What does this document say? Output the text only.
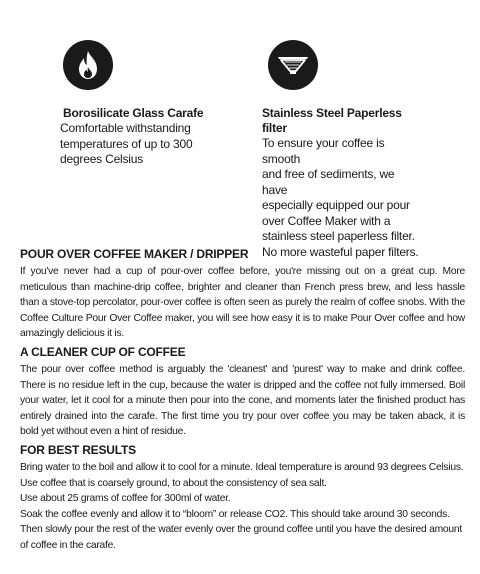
Borosilicate Glass Carafe

Comfortable withstanding

temperatures of up to 300

degrees Celsius

Stainless Steel Paperless
filter

To ensure your coffee is smooth

and free of sediments, we have

especially equipped our pour

over Coffee Maker with a

stainless steel paperless filter.

No more wasteful paper filters.

POUR OVER COFFEE MAKER / DRIPPER

If you've never had a cup of pour-over coffee before, you're missing out on a great cup. More meticulous than machine-drip coffee, brighter and cleaner than French press brew, and less hassle than a stove-top percolator, pour-over coffee is often seen as purely the realm of coffee snobs. With the Coffee Culture Pour Over Coffee maker, you will see how easy it is to make Pour Over coffee and how amazingly delicious it is.

A CLEANER CUP OF COFFEE

The pour over coffee method is arguably the 'cleanest' and 'purest' way to make and drink coffee. There is no residue left in the cup, because the water is dripped and the coffee not fully immersed. Boil your water, let it cool for a minute then pour into the cone, and moments later the finished product has entirely drained into the carafe. The first time you try pour over coffee you may be taken aback, it is bold yet without even a hint of residue.

FOR BEST RESULTS
Bring water to the boil and allow it to cool for a minute. Ideal temperature is around 93 degrees Celsius.
Use coffee that is coarsely ground, to about the consistency of sea salt.
Use about 25 grams of coffee for 300ml of water.
Soak the coffee evenly and allow it to “bloom” or release CO2. This should take around 30 seconds.
Then slowly pour the rest of the water evenly over the ground coffee until you have the desired amount of coffee in the carafe.
